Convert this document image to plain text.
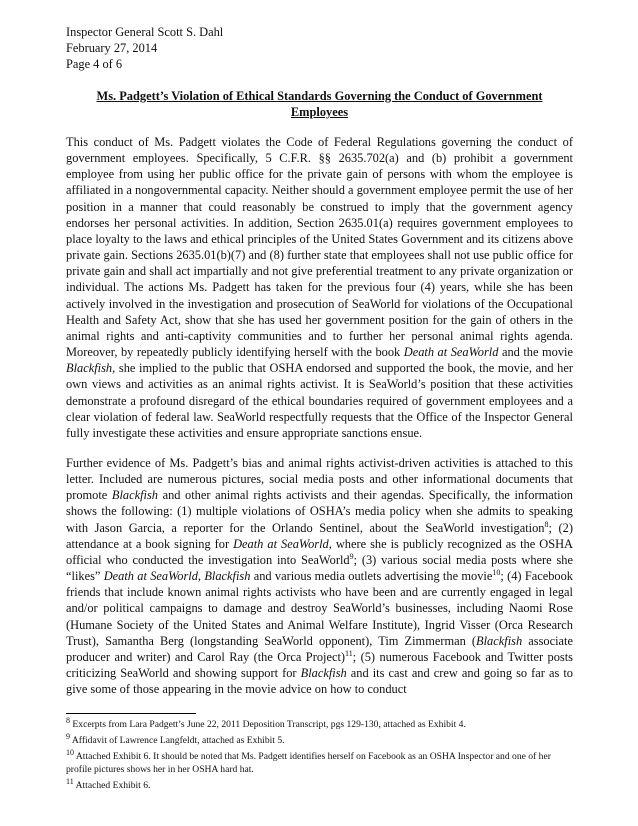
Inspector General Scott S. Dahl
February 27, 2014
Page 4 of 6
Ms. Padgett’s Violation of Ethical Standards Governing the Conduct of Government Employees

This conduct of Ms. Padgett violates the Code of Federal Regulations governing the conduct of government employees. Specifically, 5 C.F.R. §§ 2635.702(a) and (b) prohibit a government employee from using her public office for the private gain of persons with whom the employee is affiliated in a nongovernmental capacity. Neither should a government employee permit the use of her position in a manner that could reasonably be construed to imply that the government agency endorses her personal activities. In addition, Section 2635.01(a) requires government employees to place loyalty to the laws and ethical principles of the United States Government and its citizens above private gain. Sections 2635.01(b)(7) and (8) further state that employees shall not use public office for private gain and shall act impartially and not give preferential treatment to any private organization or individual. The actions Ms. Padgett has taken for the previous four (4) years, while she has been actively involved in the investigation and prosecution of SeaWorld for violations of the Occupational Health and Safety Act, show that she has used her government position for the gain of others in the animal rights and anti-captivity communities and to further her personal animal rights agenda. Moreover, by repeatedly publicly identifying herself with the book Death at SeaWorld and the movie Blackfish, she implied to the public that OSHA endorsed and supported the book, the movie, and her own views and activities as an animal rights activist. It is SeaWorld’s position that these activities demonstrate a profound disregard of the ethical boundaries required of government employees and a clear violation of federal law. SeaWorld respectfully requests that the Office of the Inspector General fully investigate these activities and ensure appropriate sanctions ensue.

Further evidence of Ms. Padgett’s bias and animal rights activist-driven activities is attached to this letter. Included are numerous pictures, social media posts and other informational documents that promote Blackfish and other animal rights activists and their agendas. Specifically, the information shows the following: (1) multiple violations of OSHA’s media policy when she admits to speaking with Jason Garcia, a reporter for the Orlando Sentinel, about the SeaWorld investigation$^8$; (2) attendance at a book signing for Death at SeaWorld, where she is publicly recognized as the OSHA official who conducted the investigation into SeaWorld$^9$; (3) various social media posts where she “likes” Death at SeaWorld, Blackfish and various media outlets advertising the movie$^{10}$; (4) Facebook friends that include known animal rights activists who have been and are currently engaged in legal and/or political campaigns to damage and destroy SeaWorld’s businesses, including Naomi Rose (Humane Society of the United States and Animal Welfare Institute), Ingrid Visser (Orca Research Trust), Samantha Berg (longstanding SeaWorld opponent), Tim Zimmerman (Blackfish associate producer and writer) and Carol Ray (the Orca Project)$^{11}$; (5) numerous Facebook and Twitter posts criticizing SeaWorld and showing support for Blackfish and its cast and crew and going so far as to give some of those appearing in the movie advice on how to conduct

$^8$ Excerpts from Lara Padgett’s June 22, 2011 Deposition Transcript, pgs 129-130, attached as Exhibit 4.
$^9$ Affidavit of Lawrence Langfeldt, attached as Exhibit 5.
$^{10}$ Attached Exhibit 6. It should be noted that Ms. Padgett identifies herself on Facebook as an OSHA Inspector and one of her profile pictures shows her in her OSHA hard hat.
$^{11}$ Attached Exhibit 6.
